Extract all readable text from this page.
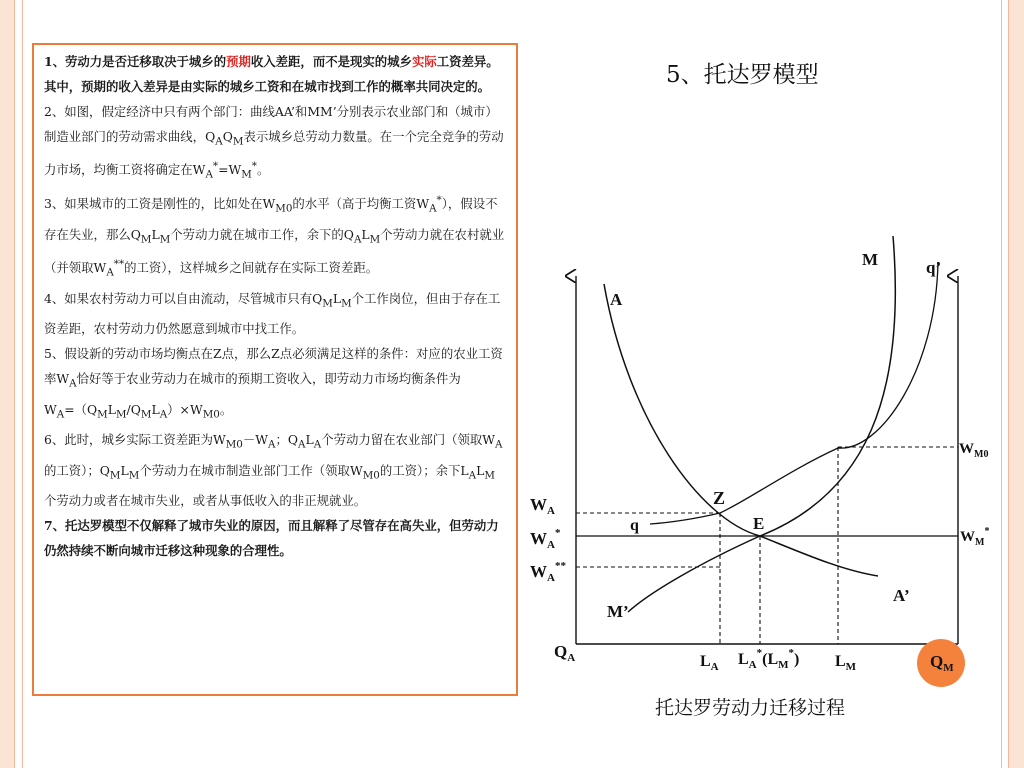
1、劳动力是否迁移取决于城乡的预期收入差距，而不是现实的城乡实际工资差异。其中，预期的收入差异是由实际的城乡工资和在城市找到工作的概率共同决定的。

2、如图，假定经济中只有两个部门：曲线AA’和MM’分别表示农业部门和（城市）制造业部门的劳动需求曲线，$Q_AQ_M$表示城乡总劳动力数量。在一个完全竞争的劳动力市场，均衡工资将确定在$W_A^*=W_M^*$。

3、如果城市的工资是刚性的，比如处在$W_{M0}$的水平（高于均衡工资$W_A^*$），假设不存在失业，那么$Q_ML_M$个劳动力就在城市工作，余下的$Q_AL_M$个劳动力就在农村就业（并领取$W_A^{**}$的工资），这样城乡之间就存在实际工资差距。

4、如果农村劳动力可以自由流动，尽管城市只有$Q_ML_M$个工作岗位，但由于存在工资差距，农村劳动力仍然愿意到城市中找工作。

5、假设新的劳动市场均衡点在Z点，那么Z点必须满足这样的条件：对应的农业工资率$W_A$恰好等于农业劳动力在城市的预期工资收入，即劳动力市场均衡条件为

$W_A=(Q_ML_M/Q_ML_A)\times W_{M0}$。

6、此时，城乡实际工资差距为$W_{M0}-W_A$；$Q_AL_A$个劳动力留在农业部门（领取$W_A$的工资）；$Q_ML_M$个劳动力在城市制造业部门工作（领取$W_{M0}$的工资）；余下$L_AL_M$个劳动力或者在城市失业，或者从事低收入的非正规就业。

7、托达罗模型不仅解释了城市失业的原因，而且解释了尽管存在高失业，但劳动力仍然持续不断向城市迁移这种现象的合理性。

5、托达罗模型
托达罗劳动力迁移过程
M	q’
A
A’
M’
q
Z
E
$W_A$
$W_A^*$
$W_A^{**}$
$W_{M0}$
$W_M^*$
$Q_A$	$L_A$ $L_A^*(L_M^*)$ $L_M$	$Q_M$
